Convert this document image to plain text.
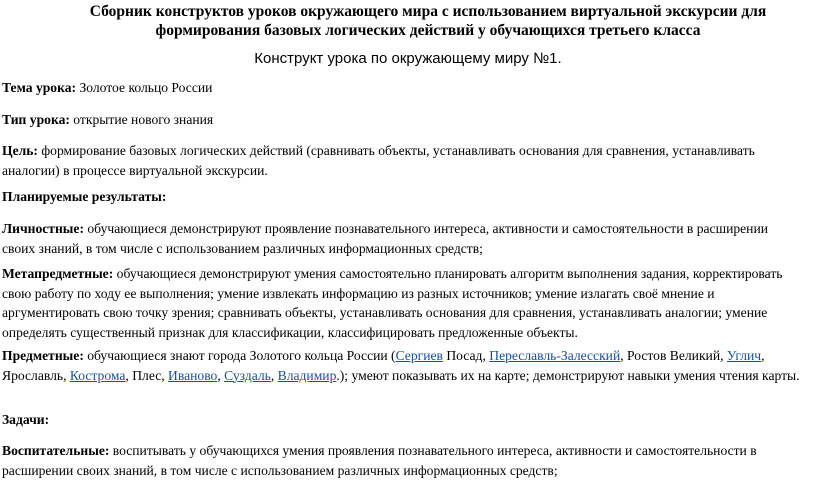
Сборник конструктов уроков окружающего мира с использованием виртуальной экскурсии для формирования базовых логических действий у обучающихся третьего класса
Конструкт урока по окружающему миру №1.

Тема урока: Золотое кольцо России

Тип урока: открытие нового знания

Цель: формирование базовых логических действий (сравнивать объекты, устанавливать основания для сравнения, устанавливать аналогии) в процессе виртуальной экскурсии.

Планируемые результаты:

Личностные: обучающиеся демонстрируют проявление познавательного интереса, активности и самостоятельности в расширении своих знаний, в том числе с использованием различных информационных средств;

Метапредметные: обучающиеся демонстрируют умения самостоятельно планировать алгоритм выполнения задания, корректировать свою работу по ходу ее выполнения; умение извлекать информацию из разных источников; умение излагать своё мнение и аргументировать свою точку зрения; сравнивать объекты, устанавливать основания для сравнения, устанавливать аналогии; умение определять существенный признак для классификации, классифицировать предложенные объекты.

Предметные: обучающиеся знают города Золотого кольца России (Сергиев Посад, Переславль-Залесский, Ростов Великий, Углич, Ярославль, Кострома, Плес, Иваново, Суздаль, Владимир.); умеют показывать их на карте; демонстрируют навыки умения чтения карты.

Задачи:

Воспитательные: воспитывать у обучающихся умения проявления познавательного интереса, активности и самостоятельности в расширении своих знаний, в том числе с использованием различных информационных средств;
